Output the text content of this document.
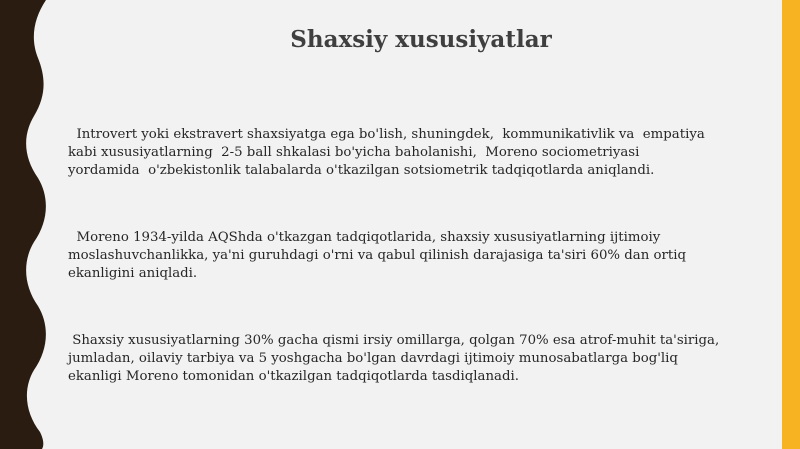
Shaxsiy xususiyatlar

Introvert yoki ekstravert shaxsiyatga ega bo'lish, shuningdek,  kommunikativlik va  empatiya
kabi xususiyatlarning  2-5 ball shkalasi bo'yicha baholanishi,  Moreno sociometriyasi
yordamida  o'zbekistonlik talabalarda o'tkazilgan sotsiometrik tadqiqotlarda aniqlandi.

Moreno 1934-yilda AQShda o'tkazgan tadqiqotlarida, shaxsiy xususiyatlarning ijtimoiy
moslashuvchanlikka, ya'ni guruhdagi o'rni va qabul qilinish darajasiga ta'siri 60% dan ortiq
ekanligini aniqladi.

Shaxsiy xususiyatlarning 30% gacha qismi irsiy omillarga, qolgan 70% esa atrof-muhit ta'siriga,
jumladan, oilaviy tarbiya va 5 yoshgacha bo'lgan davrdagi ijtimoiy munosabatlarga bog'liq
ekanligi Moreno tomonidan o'tkazilgan tadqiqotlarda tasdiqlanadi.
